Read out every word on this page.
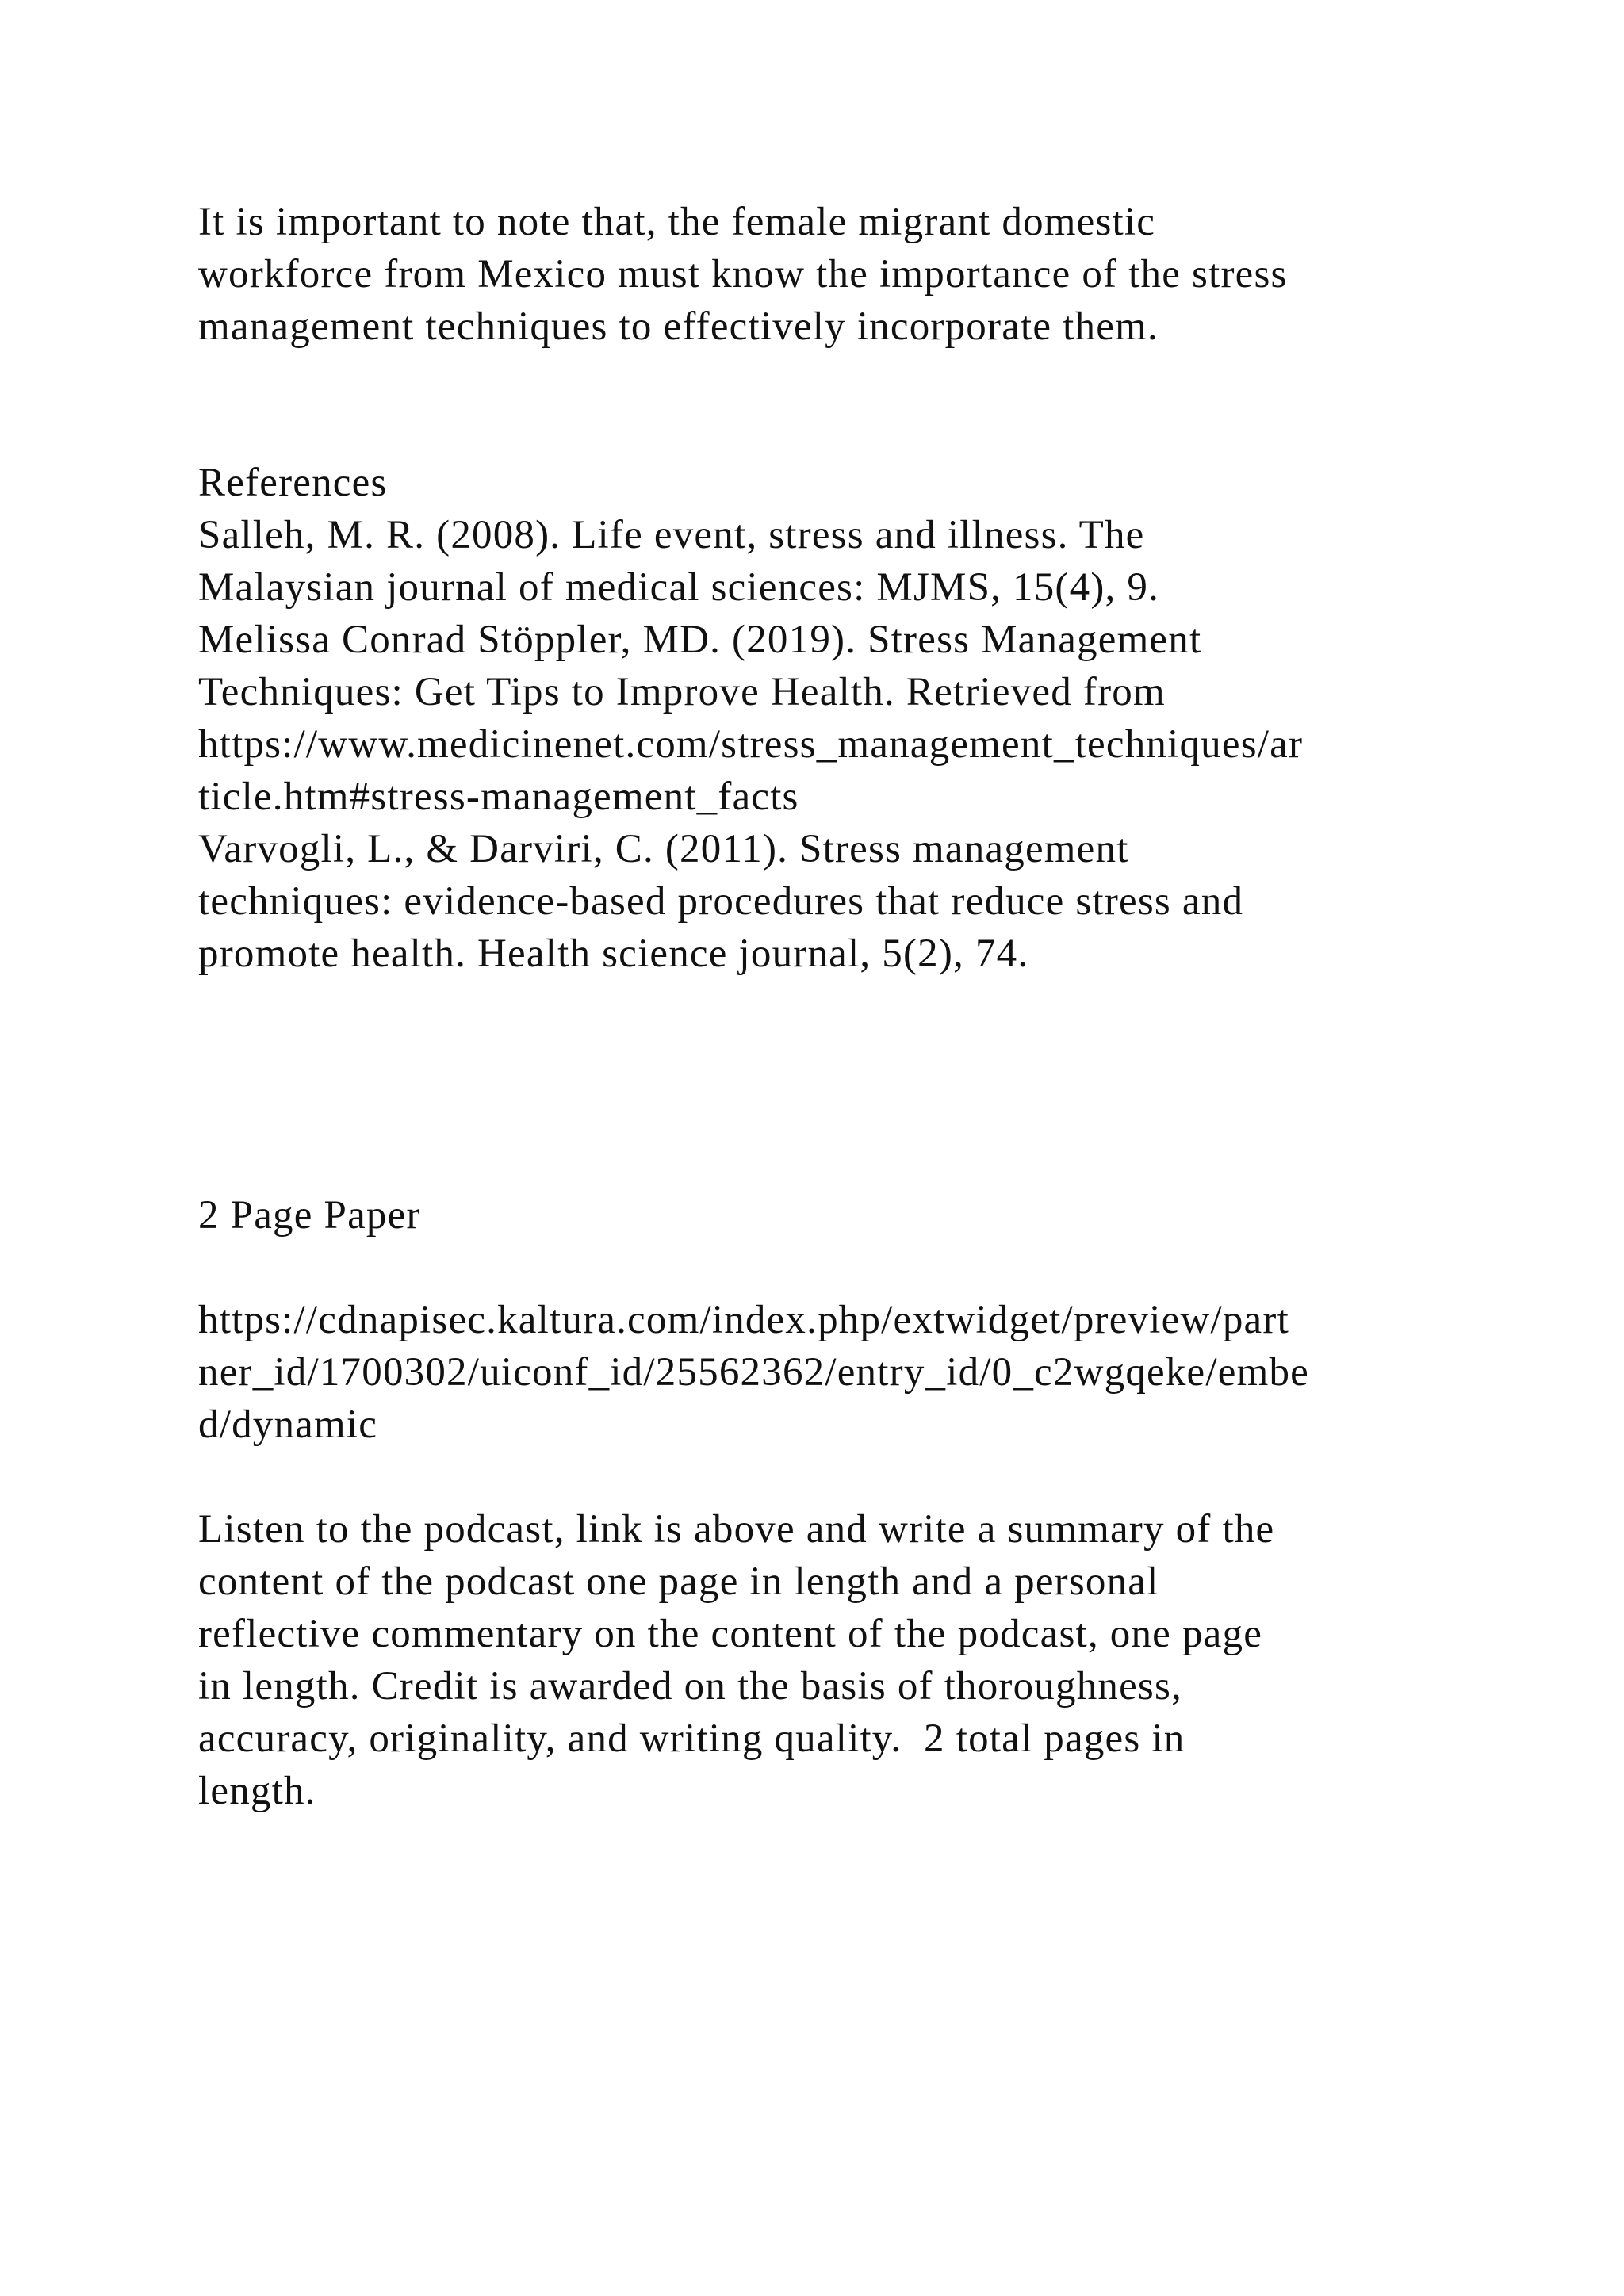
It is important to note that, the female migrant domestic
workforce from Mexico must know the importance of the stress
management techniques to effectively incorporate them.
References
Salleh, M. R. (2008). Life event, stress and illness. The
Malaysian journal of medical sciences: MJMS, 15(4), 9.
Melissa Conrad Stöppler, MD. (2019). Stress Management
Techniques: Get Tips to Improve Health. Retrieved from
https://www.medicinenet.com/stress_management_techniques/ar
ticle.htm#stress-management_facts
Varvogli, L., & Darviri, C. (2011). Stress management
techniques: evidence-based procedures that reduce stress and
promote health. Health science journal, 5(2), 74.
2 Page Paper
https://cdnapisec.kaltura.com/index.php/extwidget/preview/part
ner_id/1700302/uiconf_id/25562362/entry_id/0_c2wgqeke/embe
d/dynamic
Listen to the podcast, link is above and write a summary of the
content of the podcast one page in length and a personal
reflective commentary on the content of the podcast, one page
in length. Credit is awarded on the basis of thoroughness,
accuracy, originality, and writing quality.  2 total pages in
length.
